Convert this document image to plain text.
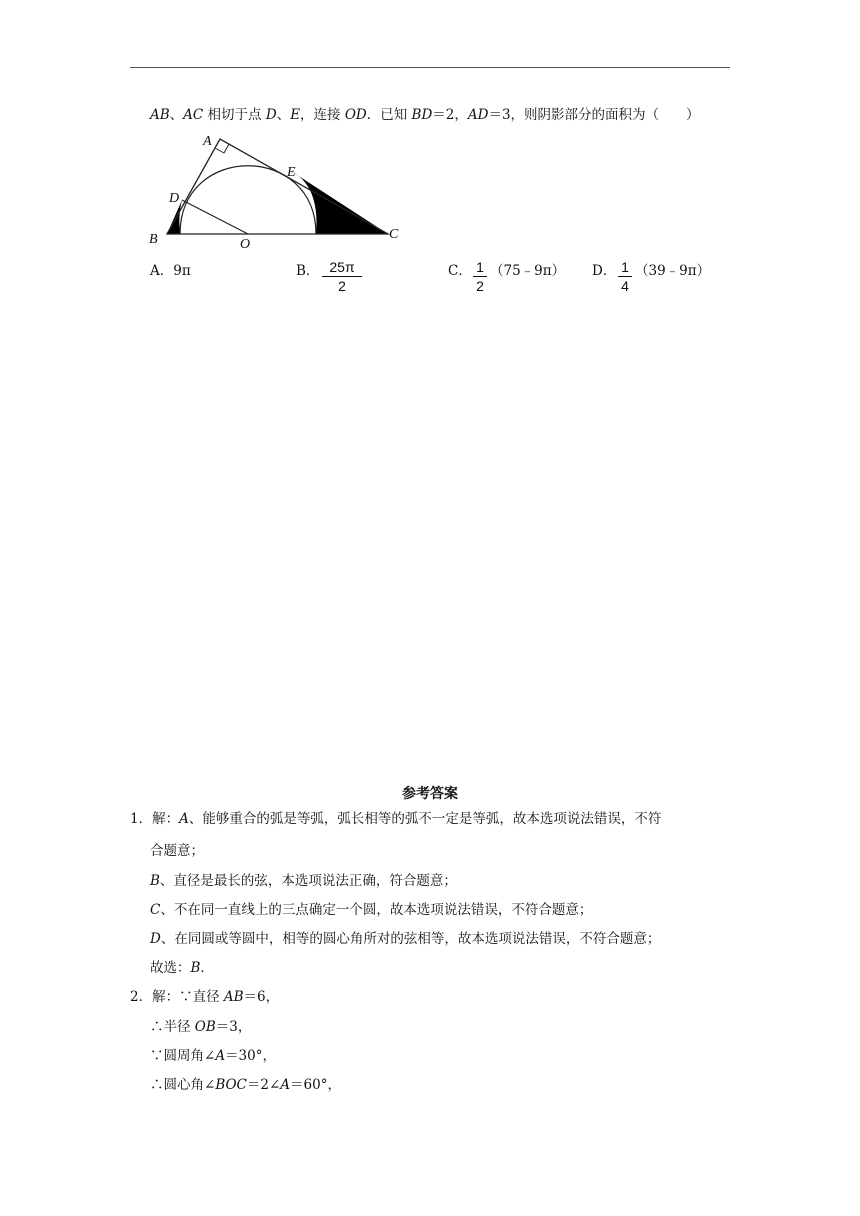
AB、AC 相切于点 D、E，连接 OD．已知 BD＝2，AD＝3，则阴影部分的面积为（　　）
A
B	C
D
E
O
A．9π	B． 25π
2
C． 1
2
（75﹣9π） D． 1
4
（39﹣9π）
参考答案
1．解：A、能够重合的弧是等弧，弧长相等的弧不一定是等弧，故本选项说法错误，不符
合题意；
B、直径是最长的弦，本选项说法正确，符合题意；
C、不在同一直线上的三点确定一个圆，故本选项说法错误，不符合题意；
D、在同圆或等圆中，相等的圆心角所对的弦相等，故本选项说法错误，不符合题意；
故选：B．
2．解：∵直径 AB＝6，
∴半径 OB＝3，
∵圆周角∠A＝30°，
∴圆心角∠BOC＝2∠A＝60°，
